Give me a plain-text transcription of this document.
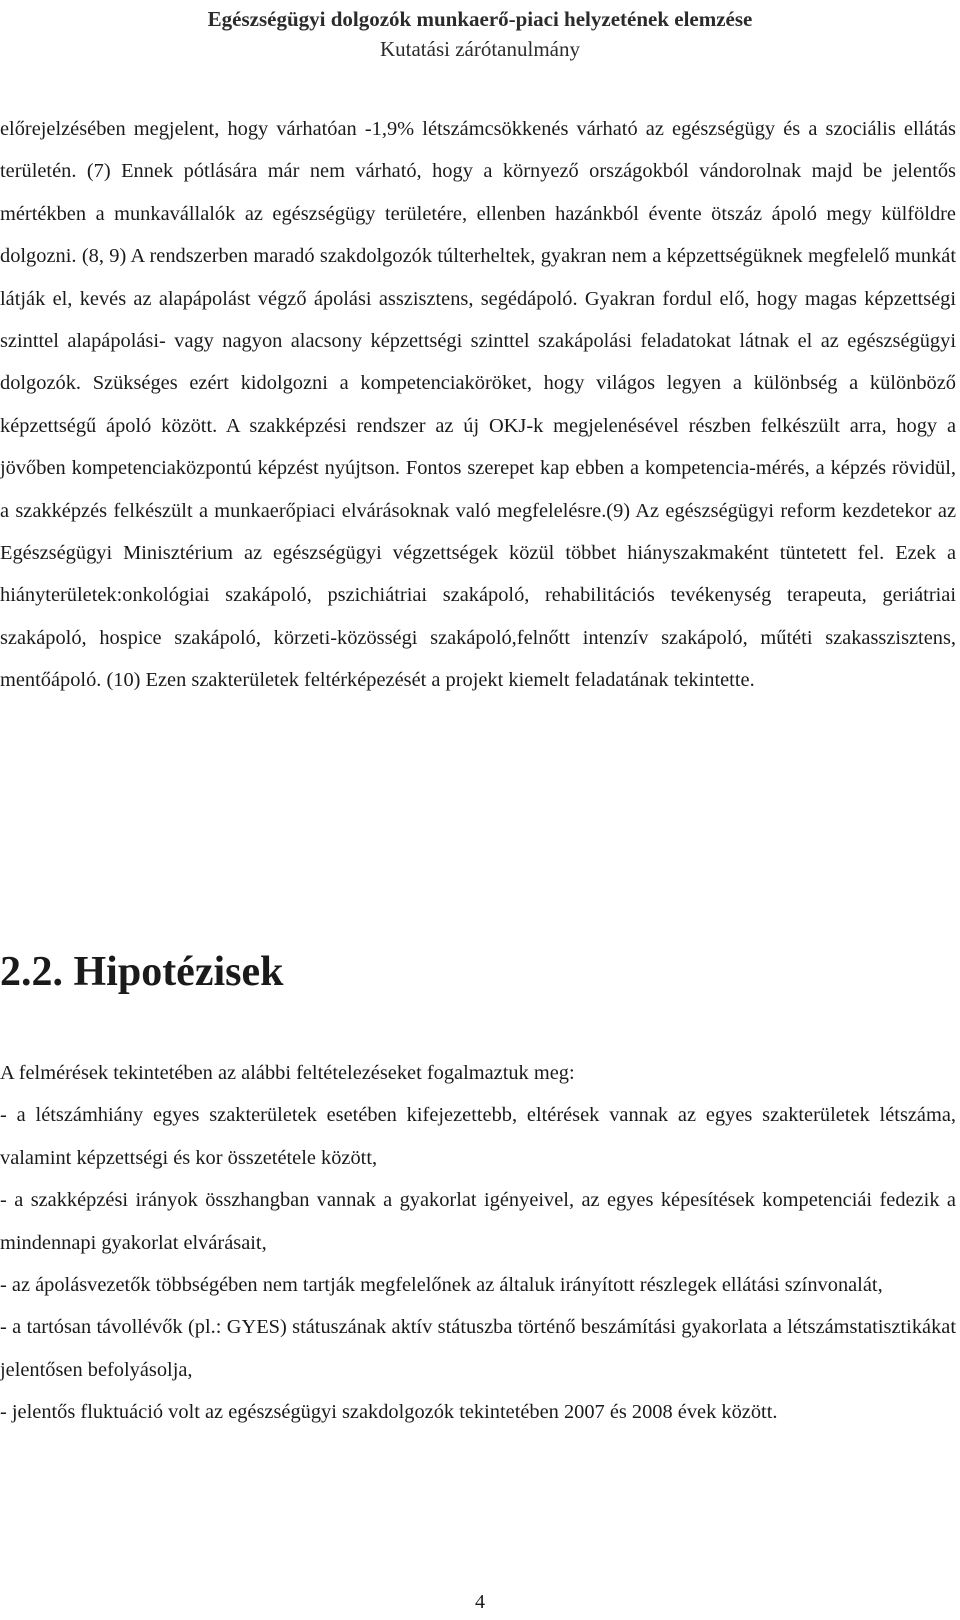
Egészségügyi dolgozók munkaerő-piaci helyzetének elemzése
Kutatási zárótanulmány

előrejelzésében megjelent, hogy várhatóan -1,9% létszámcsökkenés várható az egészségügy és a szociális ellátás területén. (7) Ennek pótlására már nem várható, hogy a környező országokból vándorolnak majd be jelentős mértékben a munkavállalók az egészségügy területére, ellenben hazánkból évente ötszáz ápoló megy külföldre dolgozni. (8, 9) A rendszerben maradó szakdolgozók túlterheltek, gyakran nem a képzettségüknek megfelelő munkát látják el, kevés az alapápolást végző ápolási asszisztens, segédápoló. Gyakran fordul elő, hogy magas képzettségi szinttel alapápolási- vagy nagyon alacsony képzettségi szinttel szakápolási feladatokat látnak el az egészségügyi dolgozók. Szükséges ezért kidolgozni a kompetenciaköröket, hogy világos legyen a különbség a különböző képzettségű ápoló között. A szakképzési rendszer az új OKJ-k megjelenésével részben felkészült arra, hogy a jövőben kompetenciaközpontú képzést nyújtson. Fontos szerepet kap ebben a kompetencia-mérés, a képzés rövidül, a szakképzés felkészült a munkaerőpiaci elvárásoknak való megfelelésre.(9) Az egészségügyi reform kezdetekor az Egészségügyi Minisztérium az egészségügyi végzettségek közül többet hiányszakmaként tüntetett fel. Ezek a hiányterületek:onkológiai szakápoló, pszichiátriai szakápoló, rehabilitációs tevékenység terapeuta, geriátriai szakápoló, hospice szakápoló, körzeti-közösségi szakápoló,felnőtt intenzív szakápoló, műtéti szakasszisztens, mentőápoló. (10) Ezen szakterületek feltérképezését a projekt kiemelt feladatának tekintette.

2.2. Hipotézisek

A felmérések tekintetében az alábbi feltételezéseket fogalmaztuk meg:

- a létszámhiány egyes szakterületek esetében kifejezettebb, eltérések vannak az egyes szakterületek létszáma, valamint képzettségi és kor összetétele között,

- a szakképzési irányok összhangban vannak a gyakorlat igényeivel, az egyes képesítések kompetenciái fedezik a mindennapi gyakorlat elvárásait,

- az ápolásvezetők többségében nem tartják megfelelőnek az általuk irányított részlegek ellátási színvonalát,

- a tartósan távollévők (pl.: GYES) státuszának aktív státuszba történő beszámítási gyakorlata a létszámstatisztikákat jelentősen befolyásolja,

- jelentős fluktuáció volt az egészségügyi szakdolgozók tekintetében 2007 és 2008 évek között.

4
